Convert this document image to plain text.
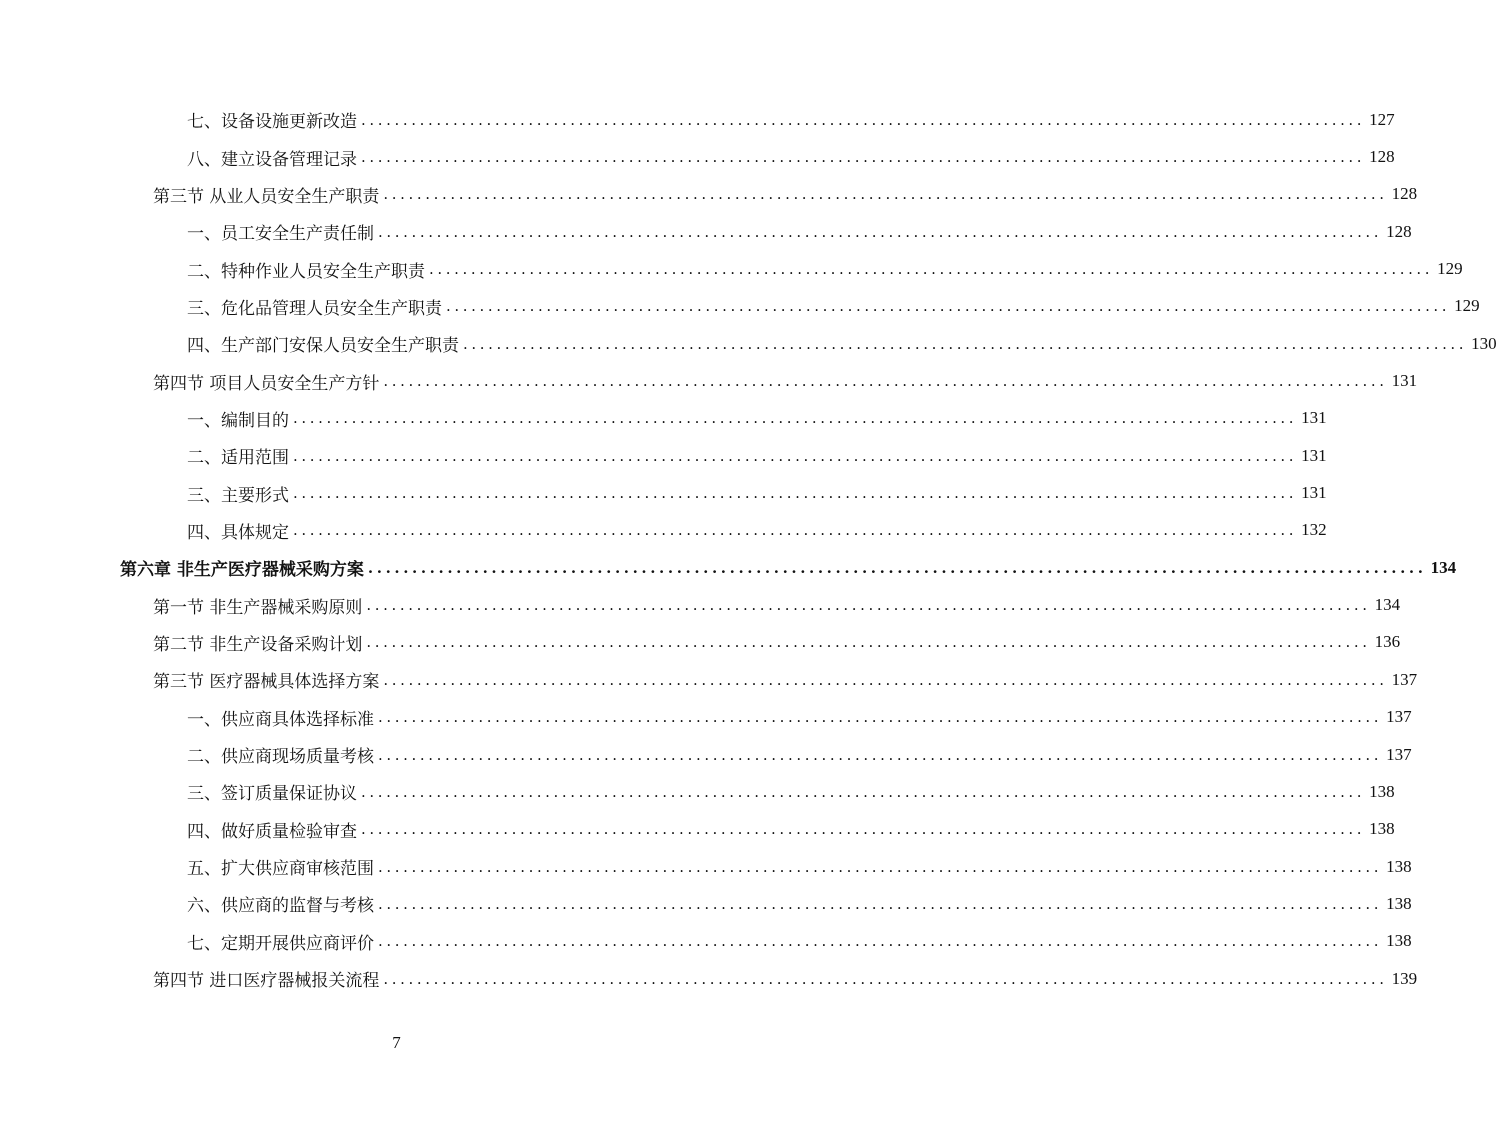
七、设备设施更新改造 ........................................................................................................................ 127
八、建立设备管理记录 ........................................................................................................................ 128
第三节 从业人员安全生产职责 ........................................................................................................................ 128
一、员工安全生产责任制 ........................................................................................................................ 128
二、特种作业人员安全生产职责 ........................................................................................................................ 129
三、危化品管理人员安全生产职责 ........................................................................................................................ 129
四、生产部门安保人员安全生产职责 ........................................................................................................................ 130
第四节 项目人员安全生产方针 ........................................................................................................................ 131
一、编制目的 ........................................................................................................................ 131
二、适用范围 ........................................................................................................................ 131
三、主要形式 ........................................................................................................................ 131
四、具体规定 ........................................................................................................................ 132
第六章 非生产医疗器械采购方案 ........................................................................................................................ 134
第一节 非生产器械采购原则 ........................................................................................................................ 134
第二节 非生产设备采购计划 ........................................................................................................................ 136
第三节 医疗器械具体选择方案 ........................................................................................................................ 137
一、供应商具体选择标准 ........................................................................................................................ 137
二、供应商现场质量考核 ........................................................................................................................ 137
三、签订质量保证协议 ........................................................................................................................ 138
四、做好质量检验审查 ........................................................................................................................ 138
五、扩大供应商审核范围 ........................................................................................................................ 138
六、供应商的监督与考核 ........................................................................................................................ 138
七、定期开展供应商评价 ........................................................................................................................ 138
第四节 进口医疗器械报关流程 ........................................................................................................................ 139
7
